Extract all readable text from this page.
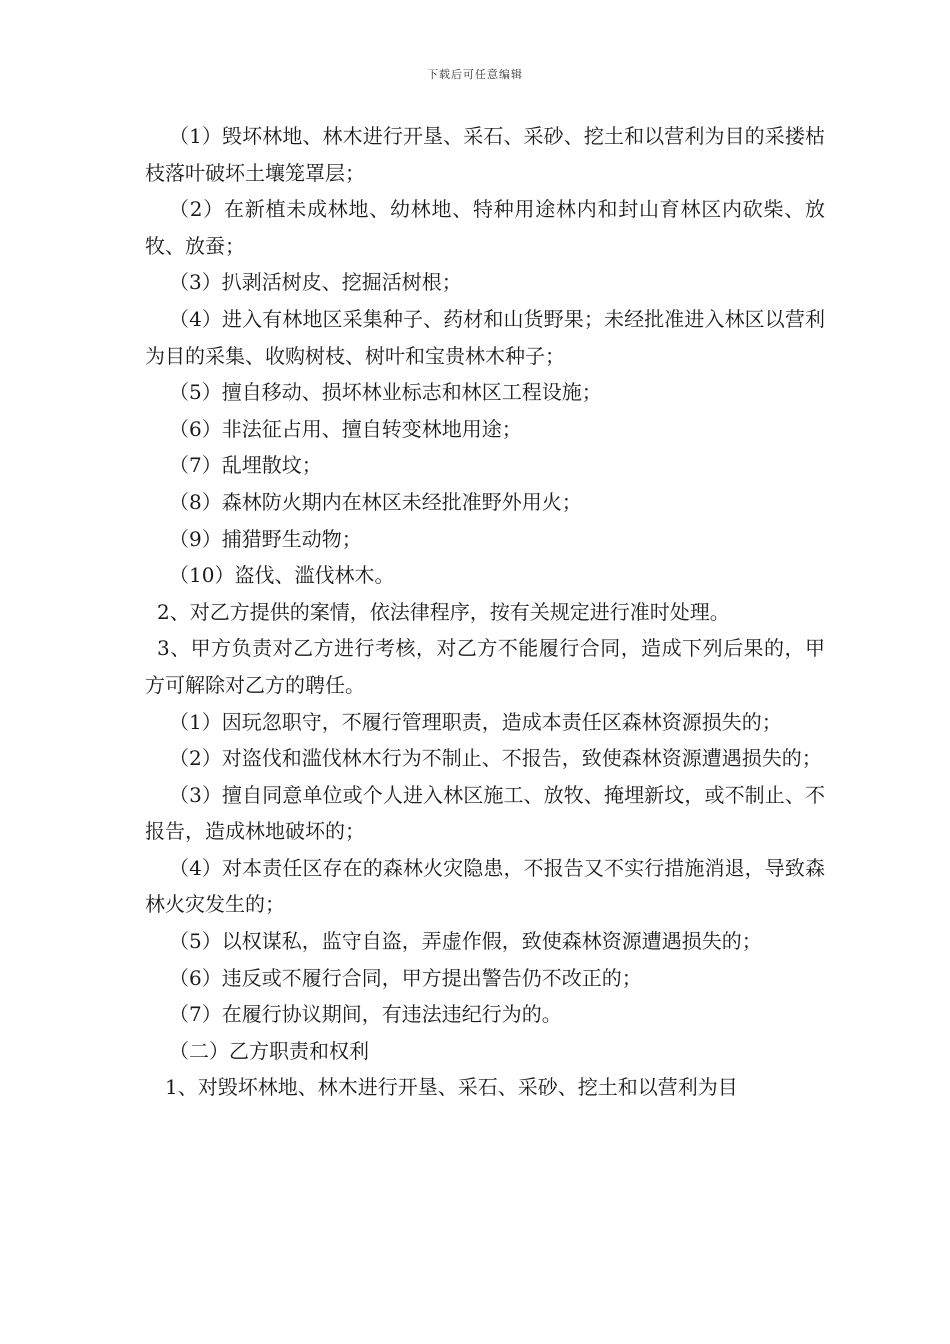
下载后可任意编辑

（1）毁坏林地、林木进行开垦、采石、采砂、挖土和以营利为目的采搂枯枝落叶破坏土壤笼罩层；

（2）在新植未成林地、幼林地、特种用途林内和封山育林区内砍柴、放牧、放蚕；

（3）扒剥活树皮、挖掘活树根；

（4）进入有林地区采集种子、药材和山货野果；未经批准进入林区以营利为目的采集、收购树枝、树叶和宝贵林木种子；

（5）擅自移动、损坏林业标志和林区工程设施；

（6）非法征占用、擅自转变林地用途；

（7）乱埋散坟；

（8）森林防火期内在林区未经批准野外用火；

（9）捕猎野生动物；

（10）盗伐、滥伐林木。

2、对乙方提供的案情，依法律程序，按有关规定进行准时处理。

3、甲方负责对乙方进行考核，对乙方不能履行合同，造成下列后果的，甲方可解除对乙方的聘任。

（1）因玩忽职守，不履行管理职责，造成本责任区森林资源损失的；

（2）对盗伐和滥伐林木行为不制止、不报告，致使森林资源遭遇损失的；

（3）擅自同意单位或个人进入林区施工、放牧、掩埋新坟，或不制止、不报告，造成林地破坏的；

（4）对本责任区存在的森林火灾隐患，不报告又不实行措施消退，导致森林火灾发生的；

（5）以权谋私，监守自盗，弄虚作假，致使森林资源遭遇损失的；

（6）违反或不履行合同，甲方提出警告仍不改正的；

（7）在履行协议期间，有违法违纪行为的。

（二）乙方职责和权利

1、对毁坏林地、林木进行开垦、采石、采砂、挖土和以营利为目
